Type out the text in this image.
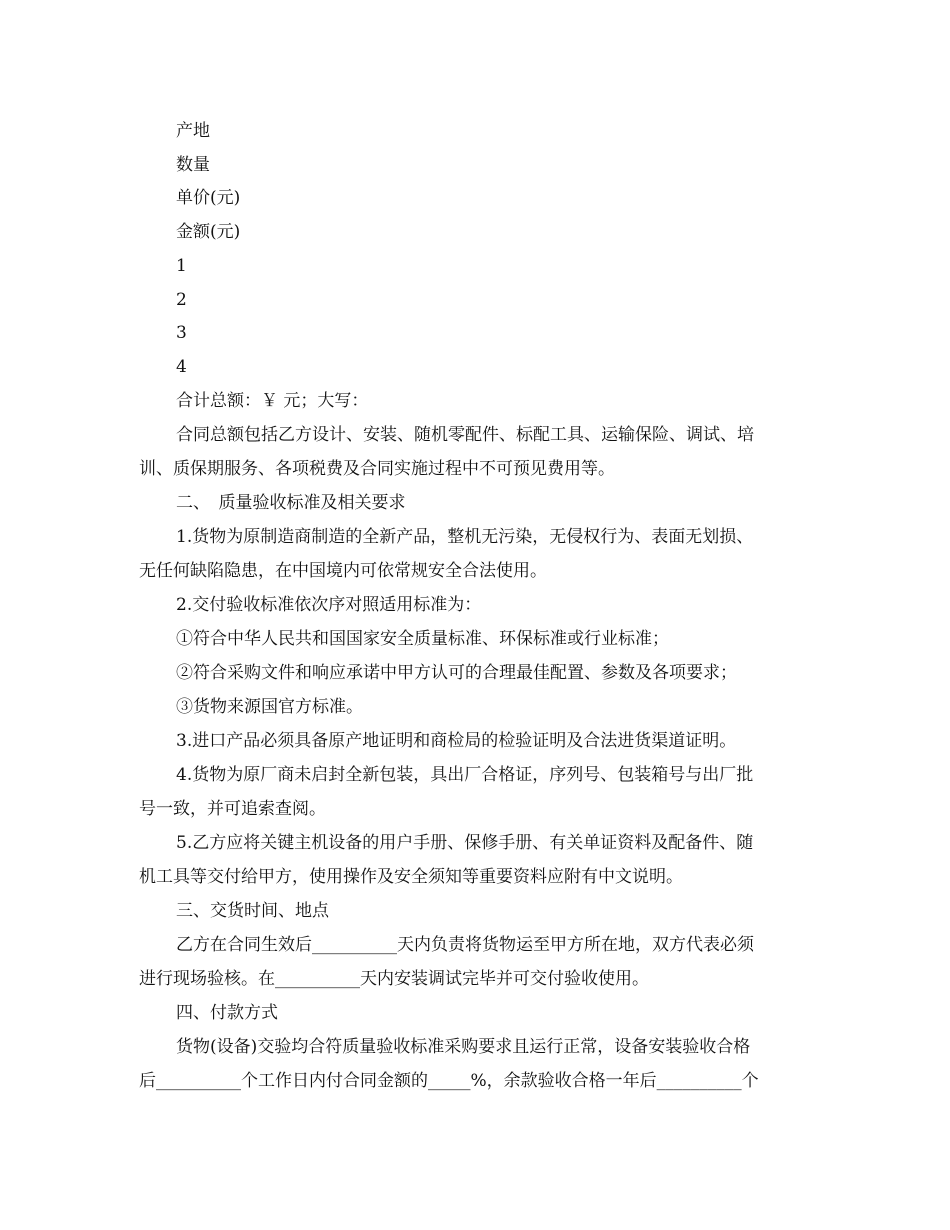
产地
数量
单价(元)
金额(元)
1
2
3
4
合计总额：￥ 元；大写：
合同总额包括乙方设计、安装、随机零配件、标配工具、运输保险、调试、培
训、质保期服务、各项税费及合同实施过程中不可预见费用等。
二、　质量验收标准及相关要求
1.货物为原制造商制造的全新产品，整机无污染，无侵权行为、表面无划损、
无任何缺陷隐患，在中国境内可依常规安全合法使用。
2.交付验收标准依次序对照适用标准为：
①符合中华人民共和国国家安全质量标准、环保标准或行业标准；
②符合采购文件和响应承诺中甲方认可的合理最佳配置、参数及各项要求；
③货物来源国官方标准。
3.进口产品必须具备原产地证明和商检局的检验证明及合法进货渠道证明。
4.货物为原厂商未启封全新包装，具出厂合格证，序列号、包装箱号与出厂批
号一致，并可追索查阅。
5.乙方应将关键主机设备的用户手册、保修手册、有关单证资料及配备件、随
机工具等交付给甲方，使用操作及安全须知等重要资料应附有中文说明。
三、交货时间、地点
乙方在合同生效后__________天内负责将货物运至甲方所在地，双方代表必须
进行现场验核。在__________天内安装调试完毕并可交付验收使用。
四、付款方式
货物(设备)交验均合符质量验收标准采购要求且运行正常，设备安装验收合格
后__________个工作日内付合同金额的_____%，余款验收合格一年后__________个
